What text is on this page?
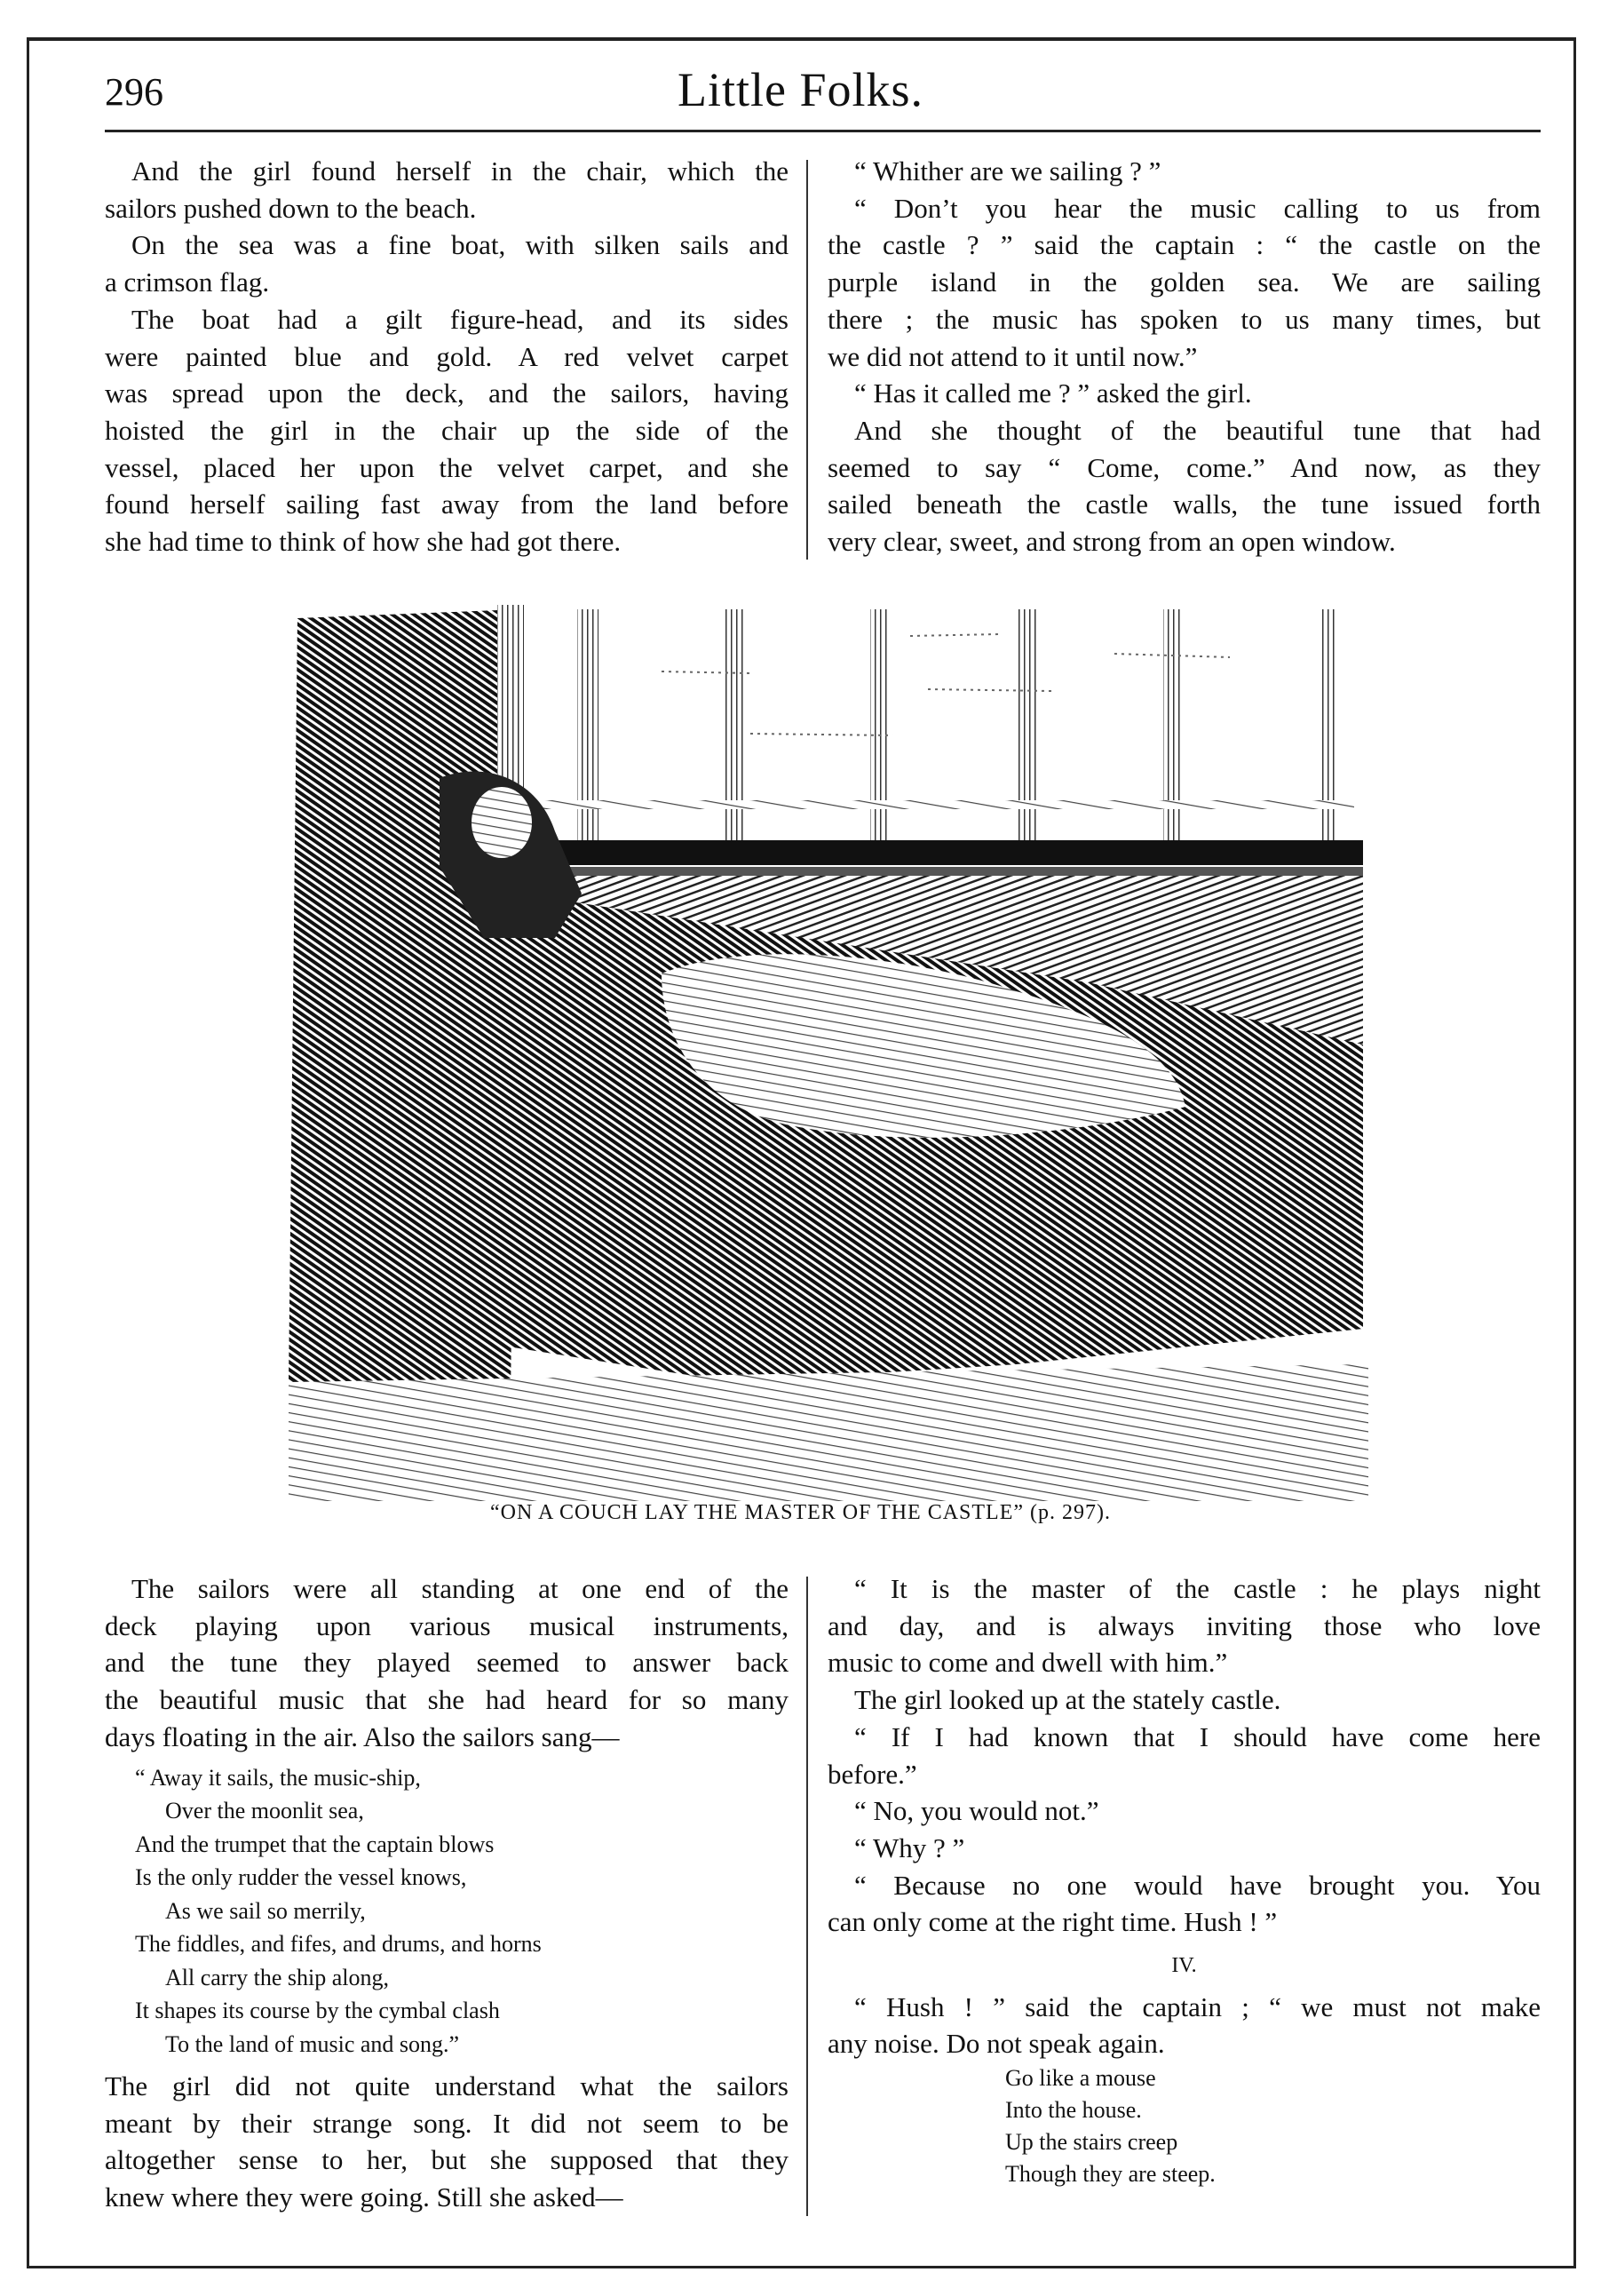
296	Little Folks.
And the girl found herself in the chair, which the
sailors pushed down to the beach.
On the sea was a fine boat, with silken sails and
a crimson flag.
The boat had a gilt figure-head, and its sides
were painted blue and gold. A red velvet carpet
was spread upon the deck, and the sailors, having
hoisted the girl in the chair up the side of the
vessel, placed her upon the velvet carpet, and she
found herself sailing fast away from the land before
she had time to think of how she had got there.
“ Whither are we sailing ? ”
“ Don’t you hear the music calling to us from
the castle ? ” said the captain : “ the castle on the
purple island in the golden sea. We are sailing
there ; the music has spoken to us many times, but
we did not attend to it until now.”
“ Has it called me ? ” asked the girl.
And she thought of the beautiful tune that had
seemed to say “ Come, come.” And now, as they
sailed beneath the castle walls, the tune issued forth
very clear, sweet, and strong from an open window.
“ON A COUCH LAY THE MASTER OF THE CASTLE” (p. 297).
The sailors were all standing at one end of the
deck playing upon various musical instruments,
and the tune they played seemed to answer back
the beautiful music that she had heard for so many
days floating in the air. Also the sailors sang—
“ Away it sails, the music-ship,
Over the moonlit sea,
And the trumpet that the captain blows
Is the only rudder the vessel knows,
As we sail so merrily,
The fiddles, and fifes, and drums, and horns
All carry the ship along,
It shapes its course by the cymbal clash
To the land of music and song.”
The girl did not quite understand what the sailors
meant by their strange song. It did not seem to be
altogether sense to her, but she supposed that they
knew where they were going. Still she asked—
“ It is the master of the castle : he plays night
and day, and is always inviting those who love
music to come and dwell with him.”
The girl looked up at the stately castle.
“ If I had known that I should have come here
before.”
“ No, you would not.”
“ Why ? ”
“ Because no one would have brought you. You
can only come at the right time. Hush ! ”
IV.
“ Hush ! ” said the captain ; “ we must not make
any noise. Do not speak again.
Go like a mouse
Into the house.
Up the stairs creep
Though they are steep.
